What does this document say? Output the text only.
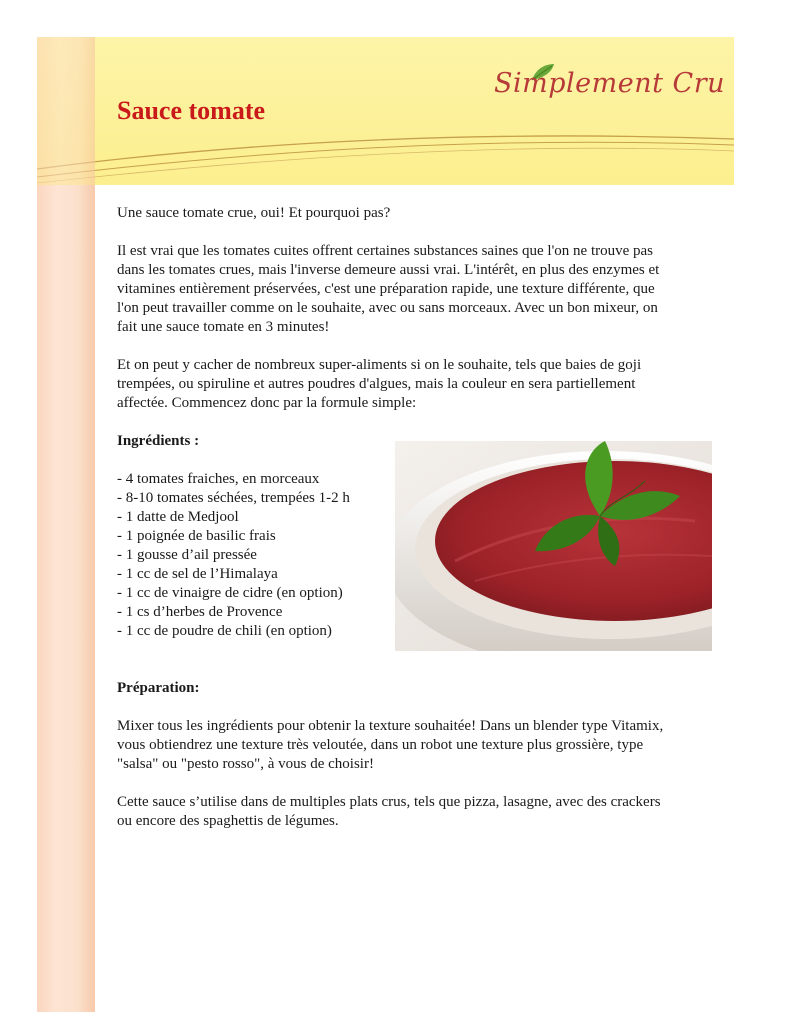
Sauce tomate
Simplement Cru

Une sauce tomate crue, oui! Et pourquoi pas?

Il est vrai que les tomates cuites offrent certaines substances saines que l'on ne trouve pas dans les tomates crues, mais l'inverse demeure aussi vrai. L'intérêt, en plus des enzymes et vitamines entièrement préservées, c'est une préparation rapide, une texture différente, que l'on peut travailler comme on le souhaite, avec ou sans morceaux. Avec un bon mixeur, on fait une sauce tomate en 3 minutes!

Et on peut y cacher de nombreux super-aliments si on le souhaite, tels que baies de goji trempées, ou spiruline et autres poudres d'algues, mais la couleur en sera partiellement affectée. Commencez donc par la formule simple:

Ingrédients :
- 4 tomates fraiches, en morceaux
- 8-10 tomates séchées, trempées 1-2 h
- 1 datte de Medjool
- 1 poignée de basilic frais
- 1 gousse d’ail pressée
- 1 cc de sel de l’Himalaya
- 1 cc de vinaigre de cidre (en option)
- 1 cs d’herbes de Provence
- 1 cc de poudre de chili (en option)
Préparation:

Mixer tous les ingrédients pour obtenir la texture souhaitée! Dans un blender type Vitamix, vous obtiendrez une texture très veloutée, dans un robot une texture plus grossière, type "salsa" ou "pesto rosso", à vous de choisir!

Cette sauce s’utilise dans de multiples plats crus, tels que pizza, lasagne, avec des crackers ou encore des spaghettis de légumes.
